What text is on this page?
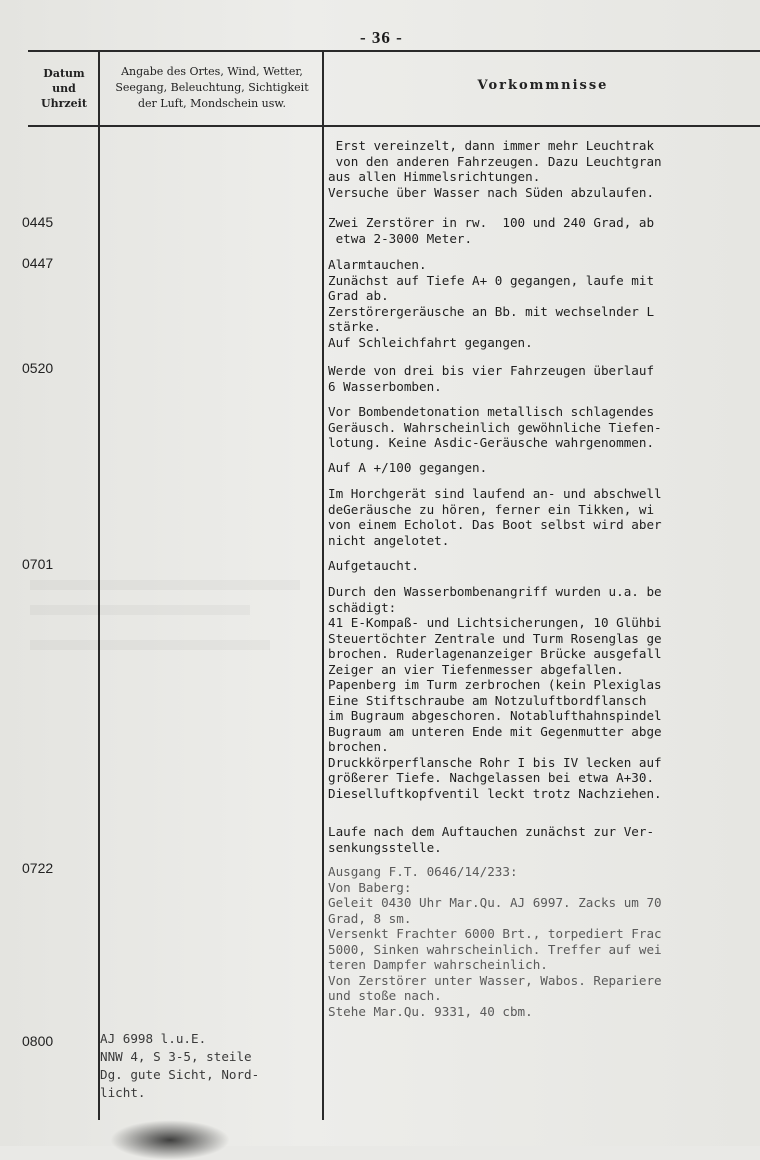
- 36 -
Datum
und
Uhrzeit
Angabe des Ortes, Wind, Wetter,
Seegang, Beleuchtung, Sichtigkeit
der Luft, Mondschein usw.
Vorkommnisse
0445
0447
0520
0701
0722
0800
Erst vereinzelt, dann immer mehr Leuchtrak
von den anderen Fahrzeugen. Dazu Leuchtgran
aus allen Himmelsrichtungen.
Versuche über Wasser nach Süden abzulaufen.
Zwei Zerstörer in rw.  100 und 240 Grad, ab
etwa 2-3000 Meter.
Alarmtauchen.
Zunächst auf Tiefe A+ 0 gegangen, laufe mit
Grad ab.
Zerstörergeräusche an Bb. mit wechselnder L
stärke.
Auf Schleichfahrt gegangen.
Werde von drei bis vier Fahrzeugen überlauf
6 Wasserbomben.
Vor Bombendetonation metallisch schlagendes
Geräusch. Wahrscheinlich gewöhnliche Tiefen-
lotung. Keine Asdic-Geräusche wahrgenommen.
Auf A +/100 gegangen.
Im Horchgerät sind laufend an- und abschwell
deGeräusche zu hören, ferner ein Tikken, wi
von einem Echolot. Das Boot selbst wird aber
nicht angelotet.
Aufgetaucht.
Durch den Wasserbombenangriff wurden u.a. be
schädigt:
41 E-Kompaß- und Lichtsicherungen, 10 Glühbi
Steuertöchter Zentrale und Turm Rosenglas ge
brochen. Ruderlagenanzeiger Brücke ausgefall
Zeiger an vier Tiefenmesser abgefallen.
Papenberg im Turm zerbrochen (kein Plexiglas
Eine Stiftschraube am Notzuluftbordflansch
im Bugraum abgeschoren. Notablufthahnspindel
Bugraum am unteren Ende mit Gegenmutter abge
brochen.
Druckkörperflansche Rohr I bis IV lecken auf
größerer Tiefe. Nachgelassen bei etwa A+30.
Dieselluftkopfventil leckt trotz Nachziehen.
Laufe nach dem Auftauchen zunächst zur Ver-
senkungsstelle.
Ausgang F.T. 0646/14/233:
Von Baberg:
Geleit 0430 Uhr Mar.Qu. AJ 6997. Zacks um 70
Grad, 8 sm.
Versenkt Frachter 6000 Brt., torpediert Frac
5000, Sinken wahrscheinlich. Treffer auf wei
teren Dampfer wahrscheinlich.
Von Zerstörer unter Wasser, Wabos. Repariere
und stoße nach.
Stehe Mar.Qu. 9331, 40 cbm.
AJ 6998 l.u.E.
NNW 4, S 3-5, steile
Dg. gute Sicht, Nord-
licht.
